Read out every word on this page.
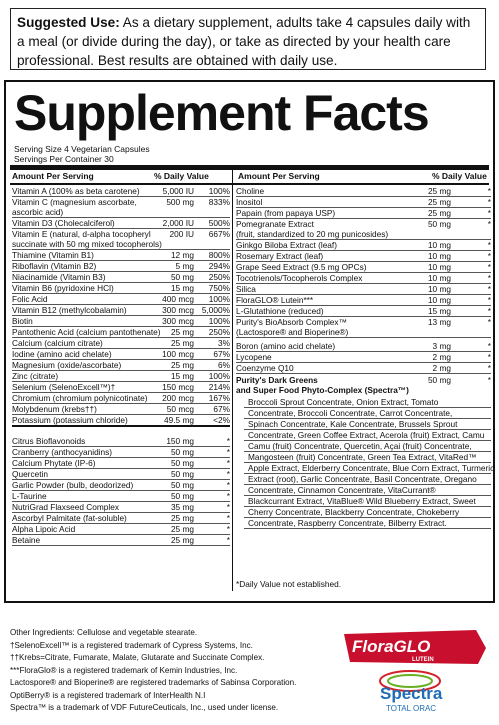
Suggested Use: As a dietary supplement, adults take 4 capsules daily with a meal (or divide during the day), or take as directed by your health care professional. Best results are obtained with daily use.
Supplement Facts
Serving Size 4 Vegetarian Capsules
Servings Per Container 30
Amount Per Serving	% Daily Value	Amount Per Serving	% Daily Value
Vitamin A (100% as beta carotene)	5,000 IU	100%
Vitamin C (magnesium ascorbate,
ascorbic acid)
500 mg	833%
Vitamin D3 (Cholecalciferol)	2,000 IU	500%
Vitamin E (natural, d-alpha tocopheryl
succinate with 50 mg mixed tocopherols)
200 IU	667%
Thiamine (Vitamin B1)	12 mg	800%
Riboflavin (Vitamin B2)	5 mg	294%
Niacinamide (Vitamin B3)	50 mg	250%
Vitamin B6 (pyridoxine HCl)	15 mg	750%
Folic Acid	400 mcg	100%
Vitamin B12 (methylcobalamin)	300 mcg 5,000%
Biotin	300 mcg	100%
Pantothenic Acid (calcium pantothenate)	25 mg	250%
Calcium (calcium citrate)	25 mg	3%
Iodine (amino acid chelate)	100 mcg	67%
Magnesium (oxide/ascorbate)	25 mg	6%
Zinc (citrate)	15 mg	100%
Selenium (SelenoExcell™)†	150 mcg	214%
Chromium (chromium polynicotinate)	200 mcg	167%
Molybdenum (krebs††)	50 mcg	67%
Potassium (potassium chloride)	49.5 mg	<2%
Citrus Bioflavonoids	150 mg	*
Cranberry (anthocyanidins)	50 mg	*
Calcium Phytate (IP-6)	50 mg	*
Quercetin	50 mg	*
Garlic Powder (bulb, deodorized)	50 mg	*
L-Taurine	50 mg	*
NutriGrad Flaxseed Complex	35 mg	*
Ascorbyl Palmitate (fat-soluble)	25 mg	*
Alpha Lipoic Acid	25 mg	*
Betaine	25 mg	*
Choline	25 mg	*
Inositol	25 mg	*
Papain (from papaya USP)	25 mg	*
Pomegranate Extract
(fruit, standardized to 20 mg punicosides)
50 mg	*
Ginkgo Biloba Extract (leaf)	10 mg	*
Rosemary Extract (leaf)	10 mg	*
Grape Seed Extract (9.5 mg OPCs)	10 mg	*
Tocotrienols/Tocopherols Complex	10 mg	*
Silica	10 mg	*
FloraGLO® Lutein***	10 mg	*
L-Glutathione (reduced)	15 mg	*
Purity's BioAbsorb Complex™
(Lactospore® and Bioperine®)
13 mg	*
Boron (amino acid chelate)	3 mg	*
Lycopene	2 mg	*
Coenzyme Q10	2 mg	*
Purity's Dark Greens	50 mg	*
and Super Food Phyto-Complex (Spectra™)
Broccoli Sprout Concentrate, Onion Extract, Tomato
Concentrate, Broccoli Concentrate, Carrot Concentrate,
Spinach Concentrate, Kale Concentrate, Brussels Sprout
Concentrate, Green Coffee Extract, Acerola (fruit) Extract, Camu
Camu (fruit) Concentrate, Quercetin, Açai (fruit) Concentrate,
Mangosteen (fruit) Concentrate, Green Tea Extract, VitaRed™
Apple Extract, Elderberry Concentrate, Blue Corn Extract, Turmeric
Extract (root), Garlic Concentrate, Basil Concentrate, Oregano
Concentrate, Cinnamon Concentrate, VitaCurrant®
Blackcurrant Extract, VitaBlue® Wild Blueberry Extract, Sweet
Cherry Concentrate, Blackberry Concentrate, Chokeberry
Concentrate, Raspberry Concentrate, Bilberry Extract.
*Daily Value not established.
Other Ingredients: Cellulose and vegetable stearate.
†SelenoExcell™ is a registered trademark of Cypress Systems, Inc.
††Krebs=Citrate, Fumarate, Malate, Glutarate and Succinate Complex.
***FloraGlo® is a registered trademark of Kemin Industries, Inc.
Lactospore® and Bioperine® are registered trademarks of Sabinsa Corporation.
OptiBerry® is a registered trademark of InterHealth N.I
Spectra™ is a trademark of VDF FutureCeuticals, Inc., used under license.
FloraGLO
LUTEIN
Spectra
TOTAL ORAC
